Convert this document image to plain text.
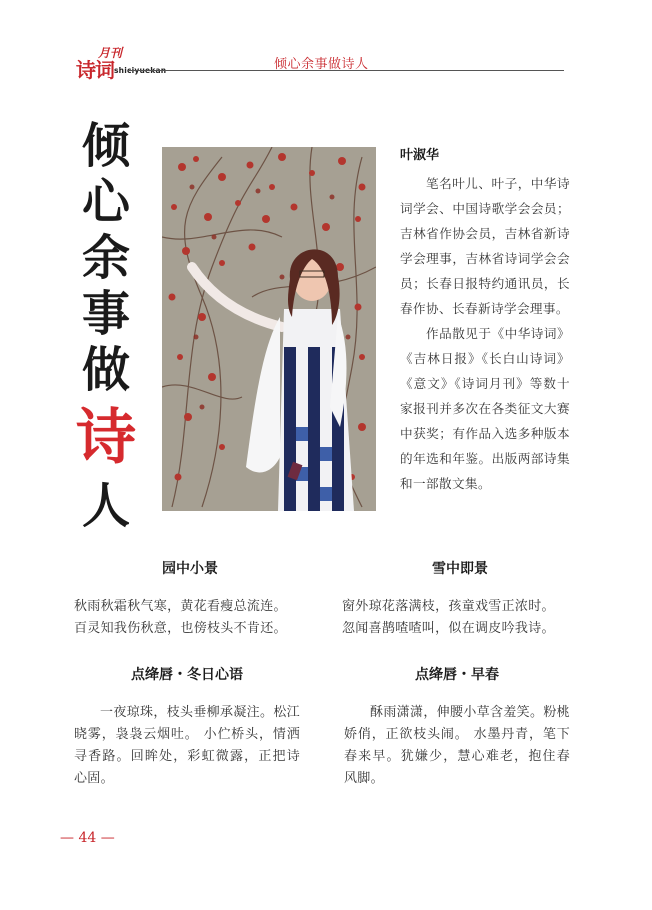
诗词
月刊
shiciyuekan	倾心余事做诗人
倾
心
余
事
做
诗
人
叶淑华

笔名叶儿、叶子，中华诗词学会、中国诗歌学会会员；吉林省作协会员，吉林省新诗学会理事，吉林省诗词学会会员；长春日报特约通讯员，长春作协、长春新诗学会理事。

作品散见于《中华诗词》《吉林日报》《长白山诗词》《意文》《诗词月刊》等数十家报刊并多次在各类征文大赛中获奖；有作品入选多种版本的年选和年鉴。出版两部诗集和一部散文集。

园中小景
秋雨秋霜秋气寒，黄花看瘦总流连。
百灵知我伤秋意，也傍枝头不肯还。
雪中即景
窗外琼花落满枝，孩童戏雪正浓时。
忽闻喜鹊喳喳叫，似在调皮吟我诗。
点绛唇・冬日心语
一夜琼珠，枝头垂柳承凝注。松江晓雾，袅袅云烟吐。 小伫桥头，情洒寻香路。回眸处，彩虹微露，正把诗心固。
点绛唇・早春
酥雨潇潇，伸腰小草含羞笑。粉桃娇俏，正欲枝头闹。 水墨丹青，笔下春来早。犹嫌少，慧心难老，抱住春风脚。
— 44 —
